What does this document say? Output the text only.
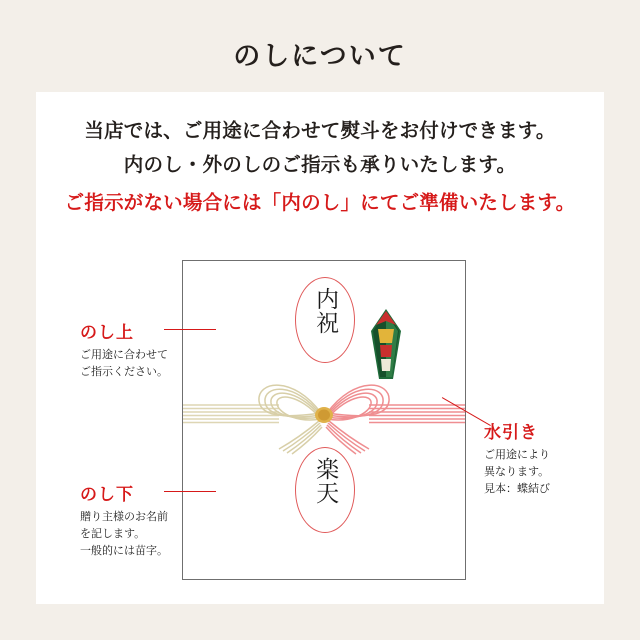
のしについて
当店では、ご用途に合わせて熨斗をお付けできます。
内のし・外のしのご指示も承りいたします。
ご指示がない場合には「内のし」にてご準備いたします。
内祝
楽天
のし上
ご用途に合わせて
ご指示ください。
のし下
贈り主様のお名前
を記します。
一般的には苗字。
水引き
ご用途により
異なります。
見本：蝶結び
